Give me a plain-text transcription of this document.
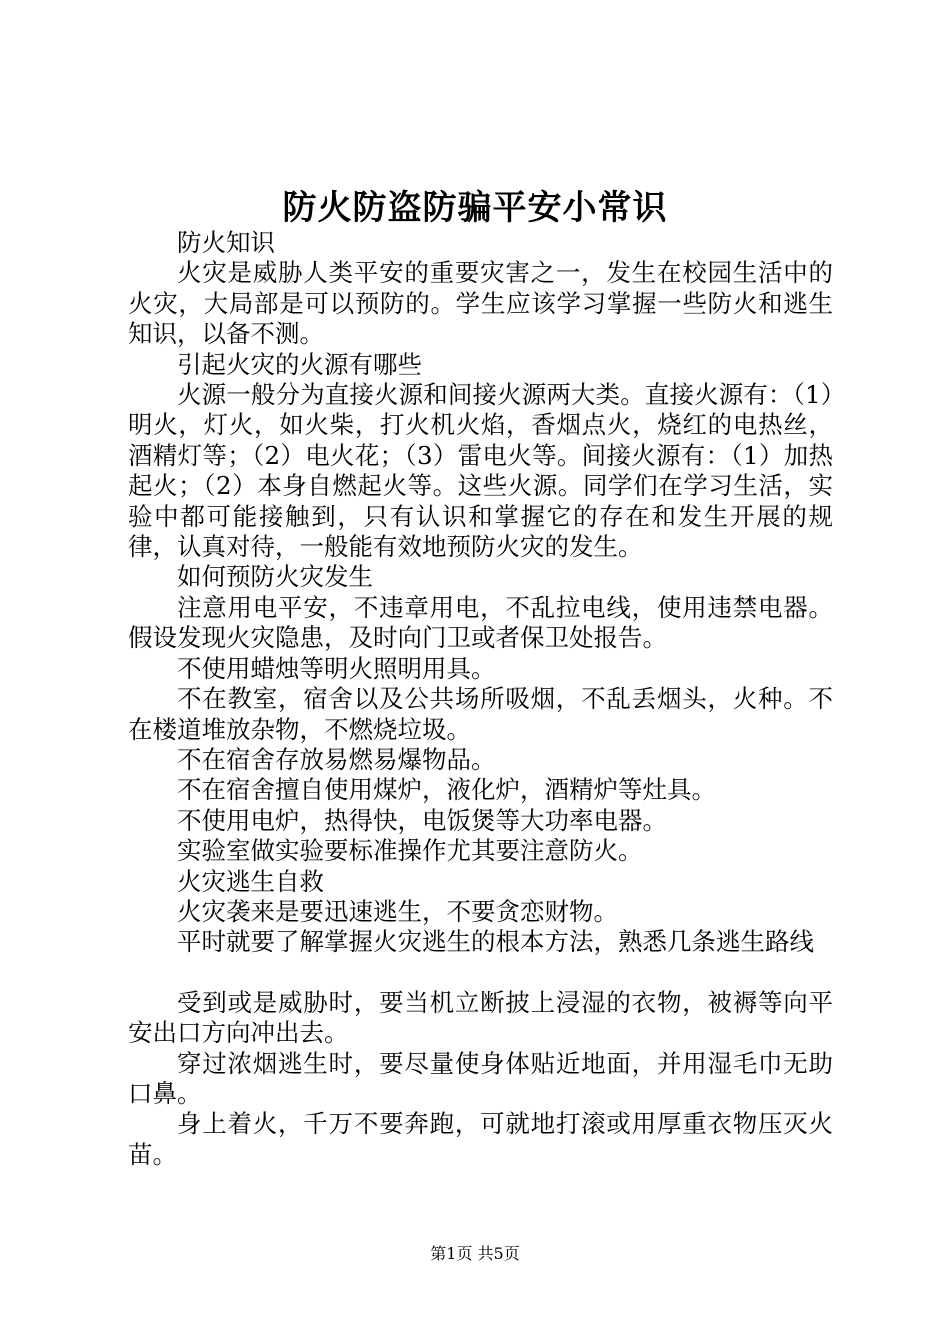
防火防盗防骗平安小常识

防火知识

火灾是威胁人类平安的重要灾害之一，发生在校园生活中的火灾，大局部是可以预防的。学生应该学习掌握一些防火和逃生知识，以备不测。

引起火灾的火源有哪些

火源一般分为直接火源和间接火源两大类。直接火源有：（1）明火，灯火，如火柴，打火机火焰，香烟点火，烧红的电热丝，酒精灯等；（2）电火花；（3）雷电火等。间接火源有：（1）加热起火；（2）本身自燃起火等。这些火源。同学们在学习生活，实验中都可能接触到，只有认识和掌握它的存在和发生开展的规律，认真对待，一般能有效地预防火灾的发生。

如何预防火灾发生

注意用电平安，不违章用电，不乱拉电线，使用违禁电器。假设发现火灾隐患，及时向门卫或者保卫处报告。

不使用蜡烛等明火照明用具。

不在教室，宿舍以及公共场所吸烟，不乱丢烟头，火种。不在楼道堆放杂物，不燃烧垃圾。

不在宿舍存放易燃易爆物品。

不在宿舍擅自使用煤炉，液化炉，酒精炉等灶具。

不使用电炉，热得快，电饭煲等大功率电器。

实验室做实验要标准操作尤其要注意防火。

火灾逃生自救

火灾袭来是要迅速逃生，不要贪恋财物。

平时就要了解掌握火灾逃生的根本方法，熟悉几条逃生路线

受到或是威胁时，要当机立断披上浸湿的衣物，被褥等向平安出口方向冲出去。

穿过浓烟逃生时，要尽量使身体贴近地面，并用湿毛巾无助口鼻。

身上着火，千万不要奔跑，可就地打滚或用厚重衣物压灭火苗。

第1页 共5页
